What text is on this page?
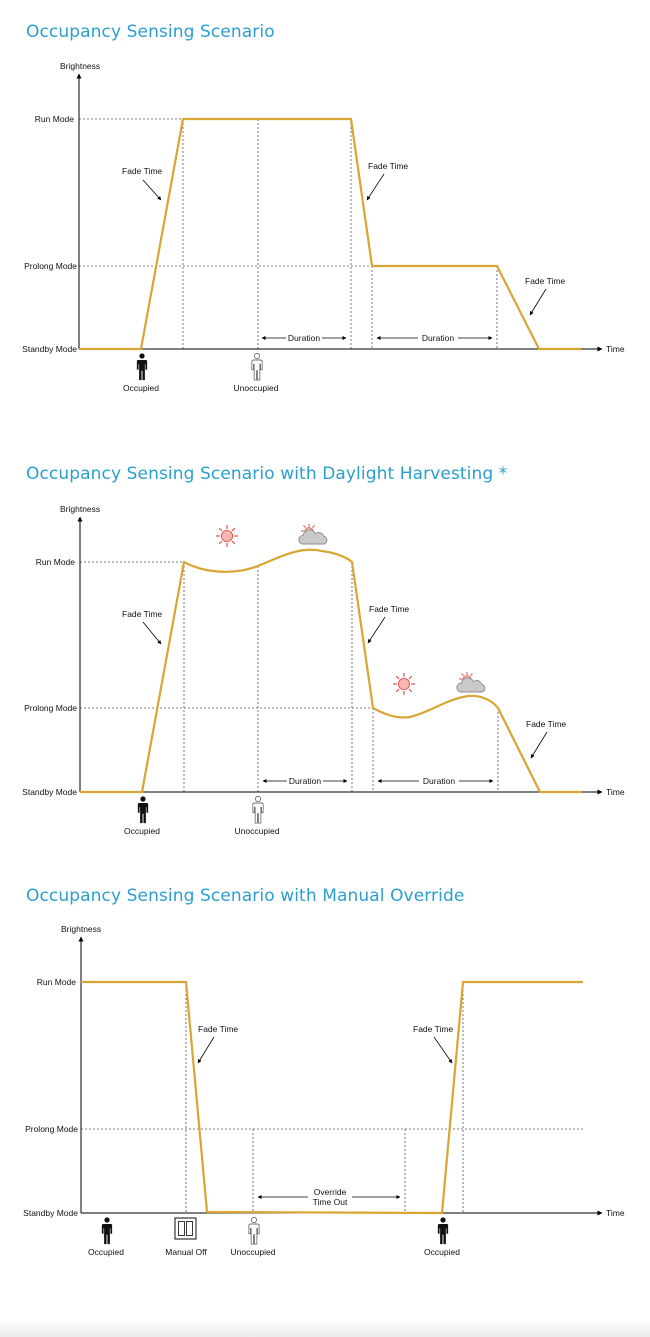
Occupancy Sensing Scenario
Brightness
Time
Run Mode
Prolong Mode
Standby Mode
Fade Time	Fade Time
Fade Time
Duration	Duration
Occupied	Unoccupied
Occupancy Sensing Scenario with Daylight Harvesting *
Brightness
Time
Run Mode
Prolong Mode
Standby Mode
Fade Time	Fade Time
Fade Time
Duration	Duration
Occupied	Unoccupied
Occupancy Sensing Scenario with Manual Override
Brightness
Time
Run Mode
Prolong Mode
Standby Mode
Fade Time	Fade Time
Override
Time Out
Occupied	Manual Off	Unoccupied	Occupied
